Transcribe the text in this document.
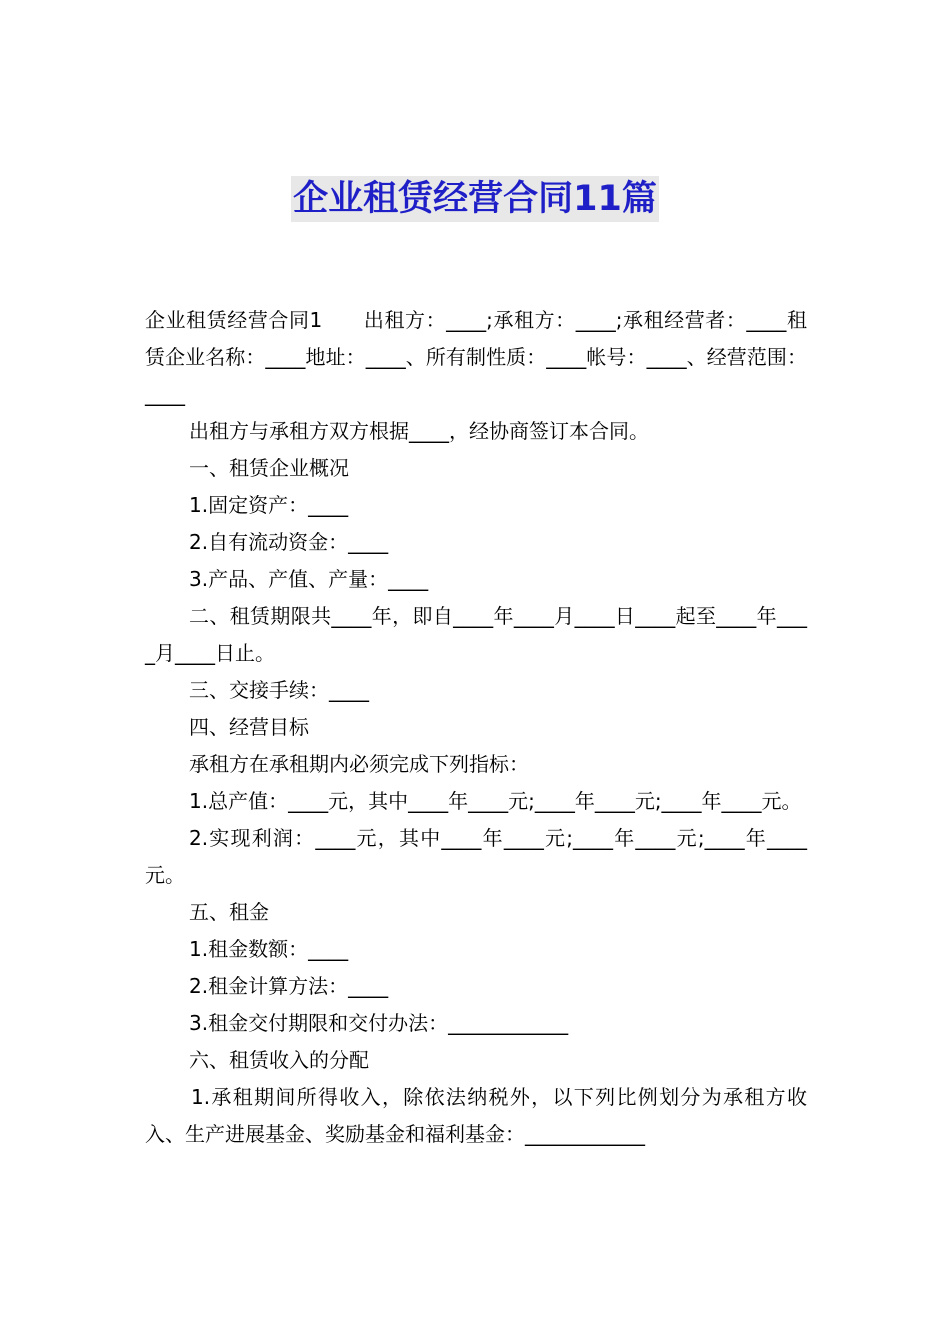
企业租赁经营合同11篇

企业租赁经营合同1　　出租方：____;承租方：____;承租经营者：____租赁企业名称：____地址：____、所有制性质：____帐号：____、经营范围：____

出租方与承租方双方根据____，经协商签订本合同。

一、租赁企业概况

1.固定资产：____

2.自有流动资金：____

3.产品、产值、产量：____

二、租赁期限共____年，即自____年____月____日____起至____年____月____日止。

三、交接手续：____

四、经营目标

承租方在承租期内必须完成下列指标：

1.总产值：____元，其中____年____元;____年____元;____年____元。

2.实现利润：____元，其中____年____元;____年____元;____年____元。

五、租金

1.租金数额：____

2.租金计算方法：____

3.租金交付期限和交付办法：____________

六、租赁收入的分配

1.承租期间所得收入，除依法纳税外，以下列比例划分为承租方收入、生产进展基金、奖励基金和福利基金：____________
